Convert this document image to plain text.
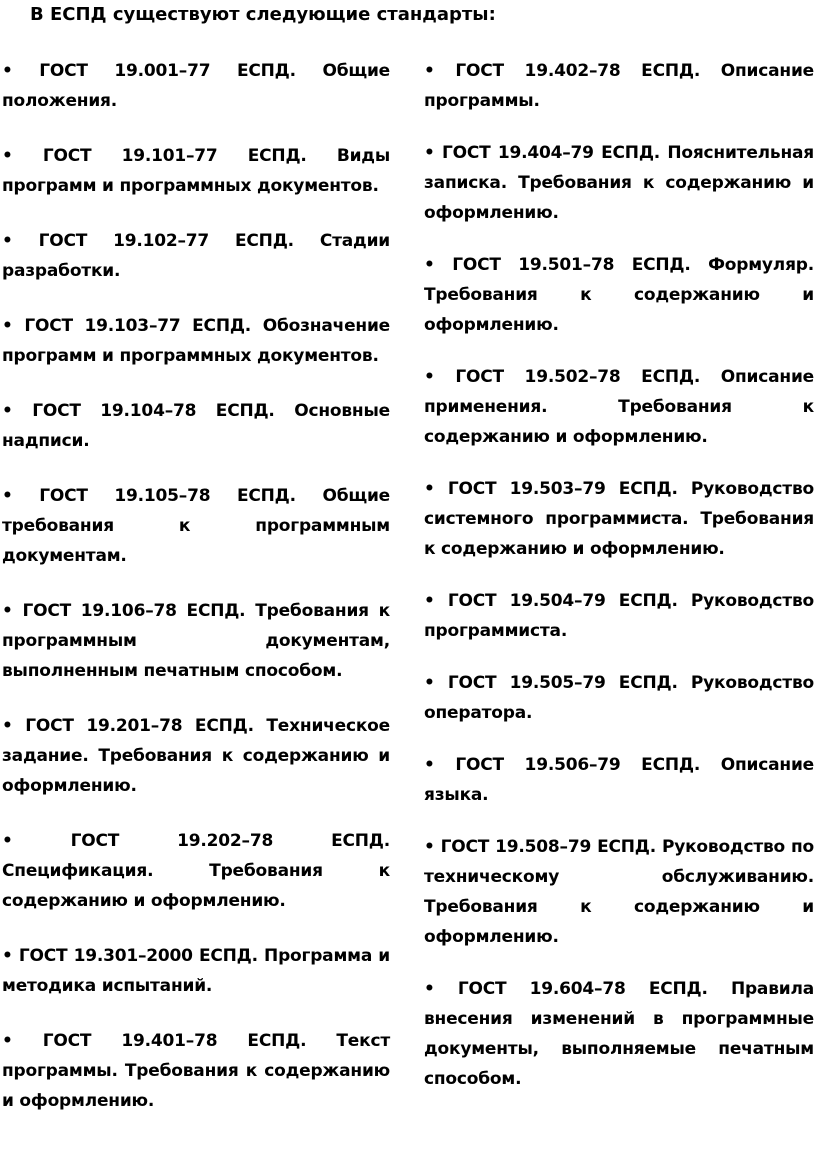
В ЕСПД существуют следующие стандарты:
• ГОСТ 19.001–77 ЕСПД. Общие положения.
• ГОСТ 19.101–77 ЕСПД. Виды программ и программных документов.
• ГОСТ 19.102–77 ЕСПД. Стадии разработки.
• ГОСТ 19.103–77 ЕСПД. Обозначение программ и программных документов.
• ГОСТ 19.104–78 ЕСПД. Основные надписи.
• ГОСТ 19.105–78 ЕСПД. Общие требования к программным документам.
• ГОСТ 19.106–78 ЕСПД. Требования к программным документам, выполненным печатным способом.
• ГОСТ 19.201–78 ЕСПД. Техническое задание. Требования к содержанию и оформлению.
•	ГОСТ 19.202–78 ЕСПД. Спецификация. Требования к содержанию и оформлению.
• ГОСТ 19.301–2000 ЕСПД. Программа и методика испытаний.
• ГОСТ 19.401–78 ЕСПД. Текст программы. Требования к содержанию и оформлению.
• ГОСТ 19.402–78 ЕСПД. Описание программы.
• ГОСТ 19.404–79 ЕСПД. Пояснительная записка. Требования к содержанию и оформлению.
• ГОСТ 19.501–78 ЕСПД. Формуляр. Требования к содержанию и оформлению.
• ГОСТ 19.502–78 ЕСПД. Описание применения. Требования к содержанию и оформлению.
• ГОСТ 19.503–79 ЕСПД. Руководство системного программиста. Требования к содержанию и оформлению.
• ГОСТ 19.504–79 ЕСПД. Руководство программиста.
• ГОСТ 19.505–79 ЕСПД. Руководство оператора.
• ГОСТ 19.506–79 ЕСПД. Описание языка.
• ГОСТ 19.508–79 ЕСПД. Руководство по техническому обслуживанию. Требования к содержанию и оформлению.
• ГОСТ 19.604–78 ЕСПД. Правила внесения изменений в программные документы, выполняемые печатным способом.
